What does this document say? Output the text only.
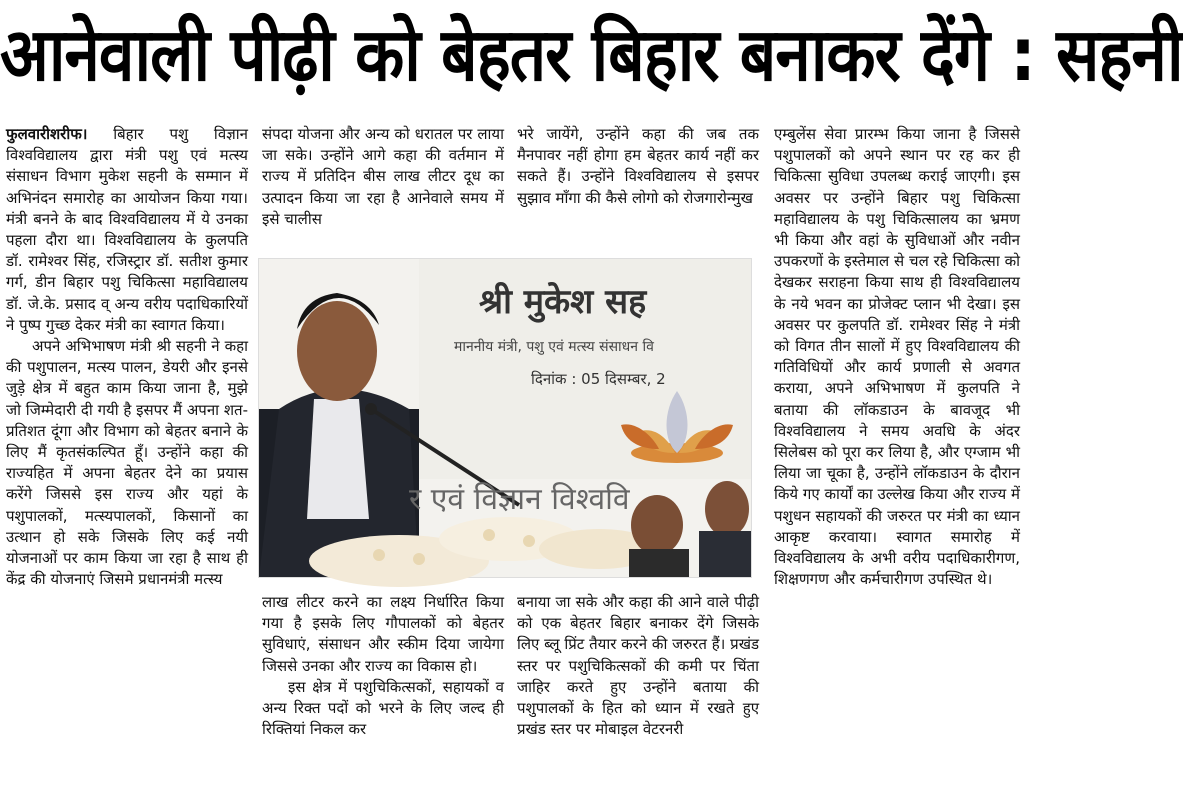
आनेवाली पीढ़ी को बेहतर बिहार बनाकर देंगे : सहनी

फुलवारीशरीफ। बिहार पशु विज्ञान विश्वविद्यालय द्वारा मंत्री पशु एवं मत्स्य संसाधन विभाग मुकेश सहनी के सम्मान में अभिनंदन समारोह का आयोजन किया गया। मंत्री बनने के बाद विश्वविद्यालय में ये उनका पहला दौरा था। विश्वविद्यालय के कुलपति डॉ. रामेश्वर सिंह, रजिस्ट्रार डॉ. सतीश कुमार गर्ग, डीन बिहार पशु चिकित्सा महाविद्यालय डॉ. जे.के. प्रसाद व् अन्य वरीय पदाधिकारियों ने पुष्प गुच्छ देकर मंत्री का स्वागत किया।

अपने अभिभाषण मंत्री श्री सहनी ने कहा की पशुपालन, मत्स्य पालन, डेयरी और इनसे जुड़े क्षेत्र में बहुत काम किया जाना है, मुझे जो जिम्मेदारी दी गयी है इसपर मैं अपना शत-प्रतिशत दूंगा और विभाग को बेहतर बनाने के लिए मैं कृतसंकल्पित हूँ। उन्होंने कहा की राज्यहित में अपना बेहतर देने का प्रयास करेंगे जिससे इस राज्य और यहां के पशुपालकों, मत्स्यपालकों, किसानों का उत्थान हो सके जिसके लिए कई नयी योजनाओं पर काम किया जा रहा है साथ ही केंद्र की योजनाएं जिसमे प्रधानमंत्री मत्स्य

संपदा योजना और अन्य को धरातल पर लाया जा सके। उन्होंने आगे कहा की वर्तमान में राज्य में प्रतिदिन बीस लाख लीटर दूध का उत्पादन किया जा रहा है आनेवाले समय में इसे चालीस

भरे जायेंगे, उन्होंने कहा की जब तक मैनपावर नहीं होगा हम बेहतर कार्य नहीं कर सकते हैं। उन्होंने विश्वविद्यालय से इसपर सुझाव माँगा की कैसे लोगो को रोजगारोन्मुख

श्री मुकेश सह
माननीय मंत्री, पशु एवं मत्स्य संसाधन वि
दिनांक : 05 दिसम्बर, 2
र एवं विज्ञान विश्ववि

लाख लीटर करने का लक्ष्य निर्धारित किया गया है इसके लिए गौपालकों को बेहतर सुविधाएं, संसाधन और स्कीम दिया जायेगा जिससे उनका और राज्य का विकास हो।

इस क्षेत्र में पशुचिकित्सकों, सहायकों व अन्य रिक्त पदों को भरने के लिए जल्द ही रिक्तियां निकल कर

बनाया जा सके और कहा की आने वाले पीढ़ी को एक बेहतर बिहार बनाकर देंगे जिसके लिए ब्लू प्रिंट तैयार करने की जरुरत हैं। प्रखंड स्तर पर पशुचिकित्सकों की कमी पर चिंता जाहिर करते हुए उन्होंने बताया की पशुपालकों के हित को ध्यान में रखते हुए प्रखंड स्तर पर मोबाइल वेटरनरी

एम्बुलेंस सेवा प्रारम्भ किया जाना है जिससे पशुपालकों को अपने स्थान पर रह कर ही चिकित्सा सुविधा उपलब्ध कराई जाएगी। इस अवसर पर उन्होंने बिहार पशु चिकित्सा महाविद्यालय के पशु चिकित्सालय का भ्रमण भी किया और वहां के सुविधाओं और नवीन उपकरणों के इस्तेमाल से चल रहे चिकित्सा को देखकर सराहना किया साथ ही विश्वविद्यालय के नये भवन का प्रोजेक्ट प्लान भी देखा। इस अवसर पर कुलपति डॉ. रामेश्वर सिंह ने मंत्री को विगत तीन सालों में हुए विश्वविद्यालय की गतिविधियों और कार्य प्रणाली से अवगत कराया, अपने अभिभाषण में कुलपति ने बताया की लॉकडाउन के बावजूद भी विश्वविद्यालय ने समय अवधि के अंदर सिलेबस को पूरा कर लिया है, और एग्जाम भी लिया जा चूका है, उन्होंने लॉकडाउन के दौरान किये गए कार्यों का उल्लेख किया और राज्य में पशुधन सहायकों की जरुरत पर मंत्री का ध्यान आकृष्ट करवाया। स्वागत समारोह में विश्वविद्यालय के अभी वरीय पदाधिकारीगण, शिक्षणगण और कर्मचारीगण उपस्थित थे।
